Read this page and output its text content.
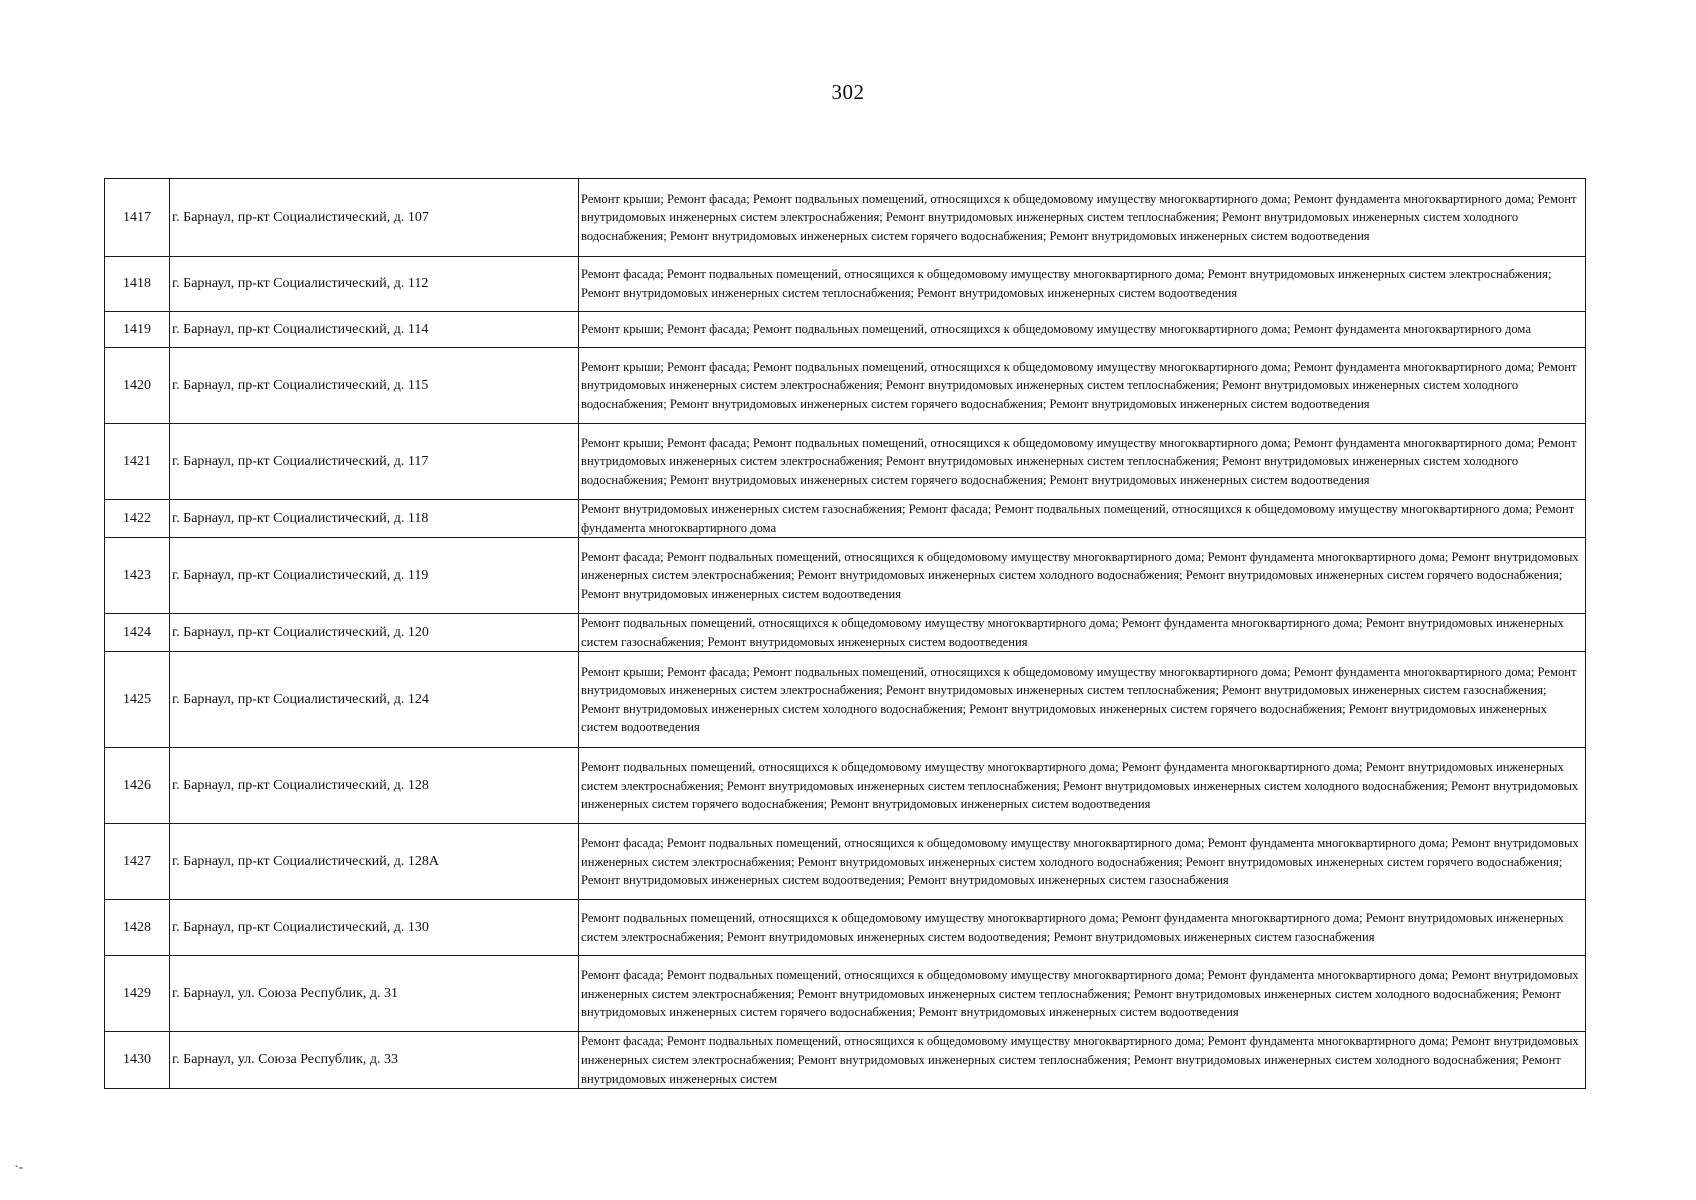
302
1417	г. Барнаул, пр-кт Социалистический, д. 107	Ремонт крыши; Ремонт фасада; Ремонт подвальных помещений, относящихся к общедомовому имуществу многоквартирного дома; Ремонт фундамента многоквартирного дома; Ремонт внутридомовых инженерных систем электроснабжения; Ремонт внутридомовых инженерных систем теплоснабжения; Ремонт внутридомовых инженерных систем холодного водоснабжения; Ремонт внутридомовых инженерных систем горячего водоснабжения; Ремонт внутридомовых инженерных систем водоотведения
1418	г. Барнаул, пр-кт Социалистический, д. 112	Ремонт фасада; Ремонт подвальных помещений, относящихся к общедомовому имуществу многоквартирного дома; Ремонт внутридомовых инженерных систем электроснабжения; Ремонт внутридомовых инженерных систем теплоснабжения; Ремонт внутридомовых инженерных систем водоотведения
1419	г. Барнаул, пр-кт Социалистический, д. 114	Ремонт крыши; Ремонт фасада; Ремонт подвальных помещений, относящихся к общедомовому имуществу многоквартирного дома; Ремонт фундамента многоквартирного дома
1420	г. Барнаул, пр-кт Социалистический, д. 115	Ремонт крыши; Ремонт фасада; Ремонт подвальных помещений, относящихся к общедомовому имуществу многоквартирного дома; Ремонт фундамента многоквартирного дома; Ремонт внутридомовых инженерных систем электроснабжения; Ремонт внутридомовых инженерных систем теплоснабжения; Ремонт внутридомовых инженерных систем холодного водоснабжения; Ремонт внутридомовых инженерных систем горячего водоснабжения; Ремонт внутридомовых инженерных систем водоотведения
1421	г. Барнаул, пр-кт Социалистический, д. 117	Ремонт крыши; Ремонт фасада; Ремонт подвальных помещений, относящихся к общедомовому имуществу многоквартирного дома; Ремонт фундамента многоквартирного дома; Ремонт внутридомовых инженерных систем электроснабжения; Ремонт внутридомовых инженерных систем теплоснабжения; Ремонт внутридомовых инженерных систем холодного водоснабжения; Ремонт внутридомовых инженерных систем горячего водоснабжения; Ремонт внутридомовых инженерных систем водоотведения
1422	г. Барнаул, пр-кт Социалистический, д. 118	Ремонт внутридомовых инженерных систем газоснабжения; Ремонт фасада; Ремонт подвальных помещений, относящихся к общедомовому имуществу многоквартирного дома; Ремонт фундамента многоквартирного дома
1423	г. Барнаул, пр-кт Социалистический, д. 119	Ремонт фасада; Ремонт подвальных помещений, относящихся к общедомовому имуществу многоквартирного дома; Ремонт фундамента многоквартирного дома; Ремонт внутридомовых инженерных систем электроснабжения; Ремонт внутридомовых инженерных систем холодного водоснабжения; Ремонт внутридомовых инженерных систем горячего водоснабжения; Ремонт внутридомовых инженерных систем водоотведения
1424	г. Барнаул, пр-кт Социалистический, д. 120	Ремонт подвальных помещений, относящихся к общедомовому имуществу многоквартирного дома; Ремонт фундамента многоквартирного дома; Ремонт внутридомовых инженерных систем газоснабжения; Ремонт внутридомовых инженерных систем водоотведения
1425	г. Барнаул, пр-кт Социалистический, д. 124	Ремонт крыши; Ремонт фасада; Ремонт подвальных помещений, относящихся к общедомовому имуществу многоквартирного дома; Ремонт фундамента многоквартирного дома; Ремонт внутридомовых инженерных систем электроснабжения; Ремонт внутридомовых инженерных систем теплоснабжения; Ремонт внутридомовых инженерных систем газоснабжения; Ремонт внутридомовых инженерных систем холодного водоснабжения; Ремонт внутридомовых инженерных систем горячего водоснабжения; Ремонт внутридомовых инженерных систем водоотведения
1426	г. Барнаул, пр-кт Социалистический, д. 128	Ремонт подвальных помещений, относящихся к общедомовому имуществу многоквартирного дома; Ремонт фундамента многоквартирного дома; Ремонт внутридомовых инженерных систем электроснабжения; Ремонт внутридомовых инженерных систем теплоснабжения; Ремонт внутридомовых инженерных систем холодного водоснабжения; Ремонт внутридомовых инженерных систем горячего водоснабжения; Ремонт внутридомовых инженерных систем водоотведения
1427	г. Барнаул, пр-кт Социалистический, д. 128А	Ремонт фасада; Ремонт подвальных помещений, относящихся к общедомовому имуществу многоквартирного дома; Ремонт фундамента многоквартирного дома; Ремонт внутридомовых инженерных систем электроснабжения; Ремонт внутридомовых инженерных систем холодного водоснабжения; Ремонт внутридомовых инженерных систем горячего водоснабжения; Ремонт внутридомовых инженерных систем водоотведения; Ремонт внутридомовых инженерных систем газоснабжения
1428	г. Барнаул, пр-кт Социалистический, д. 130	Ремонт подвальных помещений, относящихся к общедомовому имуществу многоквартирного дома; Ремонт фундамента многоквартирного дома; Ремонт внутридомовых инженерных систем электроснабжения; Ремонт внутридомовых инженерных систем водоотведения; Ремонт внутридомовых инженерных систем газоснабжения
1429	г. Барнаул, ул. Союза Республик, д. 31	Ремонт фасада; Ремонт подвальных помещений, относящихся к общедомовому имуществу многоквартирного дома; Ремонт фундамента многоквартирного дома; Ремонт внутридомовых инженерных систем электроснабжения; Ремонт внутридомовых инженерных систем теплоснабжения; Ремонт внутридомовых инженерных систем холодного водоснабжения; Ремонт внутридомовых инженерных систем горячего водоснабжения; Ремонт внутридомовых инженерных систем водоотведения
1430	г. Барнаул, ул. Союза Республик, д. 33	Ремонт фасада; Ремонт подвальных помещений, относящихся к общедомовому имуществу многоквартирного дома; Ремонт фундамента многоквартирного дома; Ремонт внутридомовых инженерных систем электроснабжения; Ремонт внутридомовых инженерных систем теплоснабжения; Ремонт внутридомовых инженерных систем холодного водоснабжения; Ремонт внутридомовых инженерных систем
·-
